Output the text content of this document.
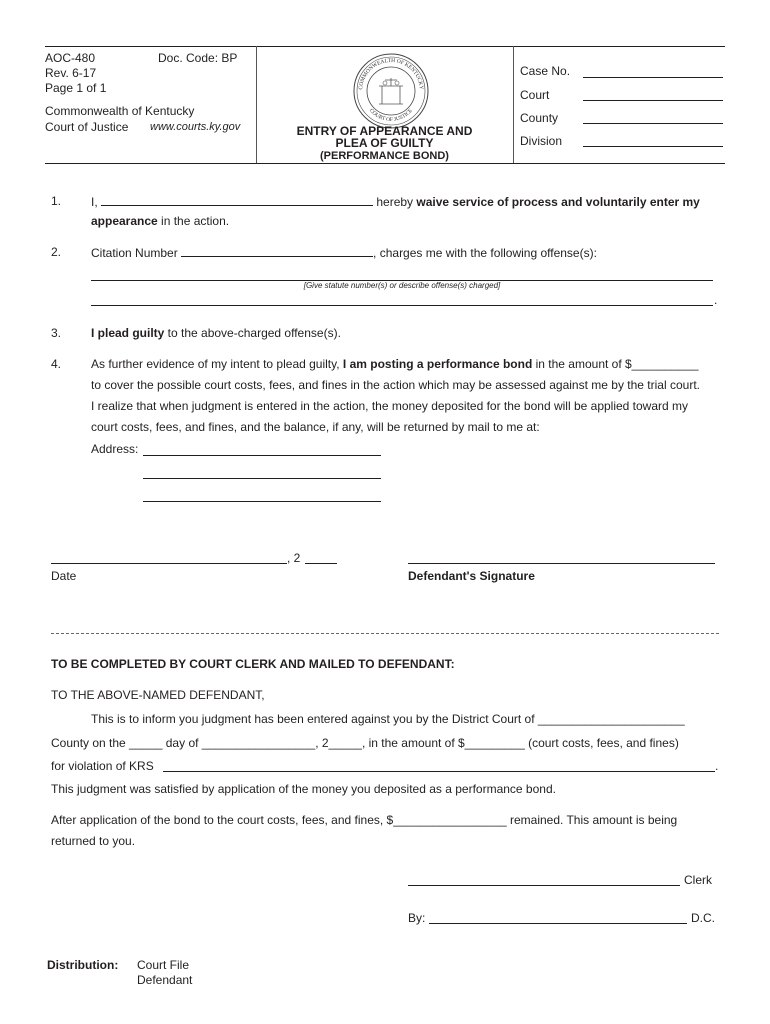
AOC-480	Doc. Code: BP
Rev. 6-17
Page 1 of 1
Commonwealth of Kentucky
Court of Justice www.courts.ky.gov
COMMONWEALTH OF KENTUCKY
COURT OF JUSTICE
ENTRY OF APPEARANCE AND
PLEA OF GUILTY
(PERFORMANCE BOND)
Case No.
Court
County
Division
1. I,	hereby waive service of process and voluntarily enter my
appearance in the action.
2. Citation Number	, charges me with the following offense(s):
[Give statute number(s) or describe offense(s) charged]
.
3. I plead guilty to the above-charged offense(s).
4. As further evidence of my intent to plead guilty, I am posting a performance bond in the amount of $__________
to cover the possible court costs, fees, and fines in the action which may be assessed against me by the trial court.
I realize that when judgment is entered in the action, the money deposited for the bond will be applied toward my
court costs, fees, and fines, and the balance, if any, will be returned by mail to me at:
Address:
, 2
Date	Defendant's Signature
TO BE COMPLETED BY COURT CLERK AND MAILED TO DEFENDANT:
TO THE ABOVE-NAMED DEFENDANT,
This is to inform you judgment has been entered against you by the District Court of ______________________
County on the _____ day of _________________, 2_____, in the amount of $_________ (court costs, fees, and fines)
for violation of KRS	.
This judgment was satisfied by application of the money you deposited as a performance bond.
After application of the bond to the court costs, fees, and fines, $_________________ remained. This amount is being
returned to you.
Clerk
By:	D.C.
Distribution: Court File
Defendant
